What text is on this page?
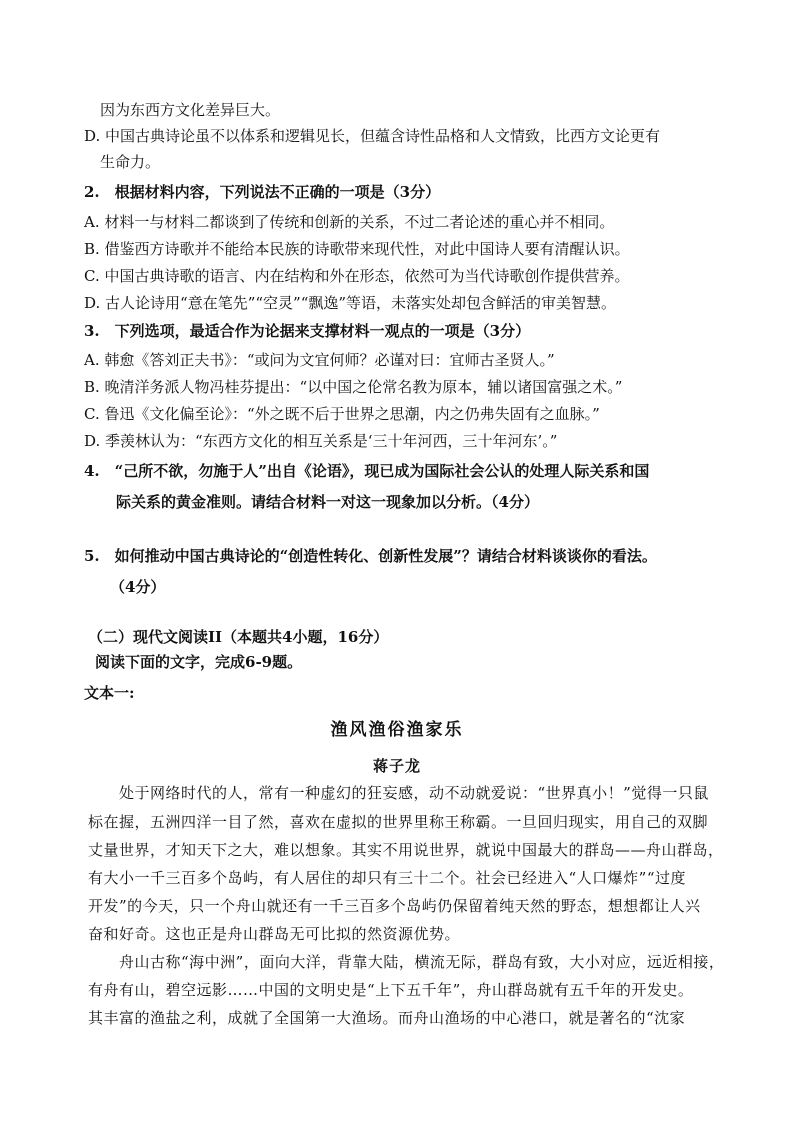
因为东西方文化差异巨大。
D. 中国古典诗论虽不以体系和逻辑见长，但蕴含诗性品格和人文情致，比西方文论更有
生命力。
2.　根据材料内容，下列说法不正确的一项是（3分）
A. 材料一与材料二都谈到了传统和创新的关系，不过二者论述的重心并不相同。
B. 借鉴西方诗歌并不能给本民族的诗歌带来现代性，对此中国诗人要有清醒认识。
C. 中国古典诗歌的语言、内在结构和外在形态，依然可为当代诗歌创作提供营养。
D. 古人论诗用“意在笔先”“空灵”“飘逸”等语，未落实处却包含鲜活的审美智慧。
3.　下列选项，最适合作为论据来支撑材料一观点的一项是（3分）
A. 韩愈《答刘正夫书》：“或问为文宜何师？必谨对曰：宜师古圣贤人。”
B. 晚清洋务派人物冯桂芬提出：“以中国之伦常名教为原本，辅以诸国富强之术。”
C. 鲁迅《文化偏至论》：“外之既不后于世界之思潮，内之仍弗失固有之血脉。”
D. 季羡林认为：“东西方文化的相互关系是‘三十年河西，三十年河东’。”
4.　“己所不欲，勿施于人”出自《论语》，现已成为国际社会公认的处理人际关系和国
际关系的黄金准则。请结合材料一对这一现象加以分析。（4分）
5.　如何推动中国古典诗论的“创造性转化、创新性发展”？请结合材料谈谈你的看法。
（4分）
（二）现代文阅读II（本题共4小题，16分）
阅读下面的文字，完成6-9题。
文本一:
渔风渔俗渔家乐
蒋子龙
处于网络时代的人，常有一种虚幻的狂妄感，动不动就爱说：“世界真小！”觉得一只鼠
标在握，五洲四洋一目了然，喜欢在虚拟的世界里称王称霸。一旦回归现实，用自己的双脚
丈量世界，才知天下之大，难以想象。其实不用说世界，就说中国最大的群岛——舟山群岛，
有大小一千三百多个岛屿，有人居住的却只有三十二个。社会已经进入“人口爆炸”“过度
开发”的今天，只一个舟山就还有一千三百多个岛屿仍保留着纯天然的野态，想想都让人兴
奋和好奇。这也正是舟山群岛无可比拟的然资源优势。
舟山古称“海中洲”，面向大洋，背靠大陆，横流无际，群岛有致，大小对应，远近相接，
有舟有山，碧空远影……中国的文明史是“上下五千年”，舟山群岛就有五千年的开发史。
其丰富的渔盐之利，成就了全国第一大渔场。而舟山渔场的中心港口，就是著名的“沈家
